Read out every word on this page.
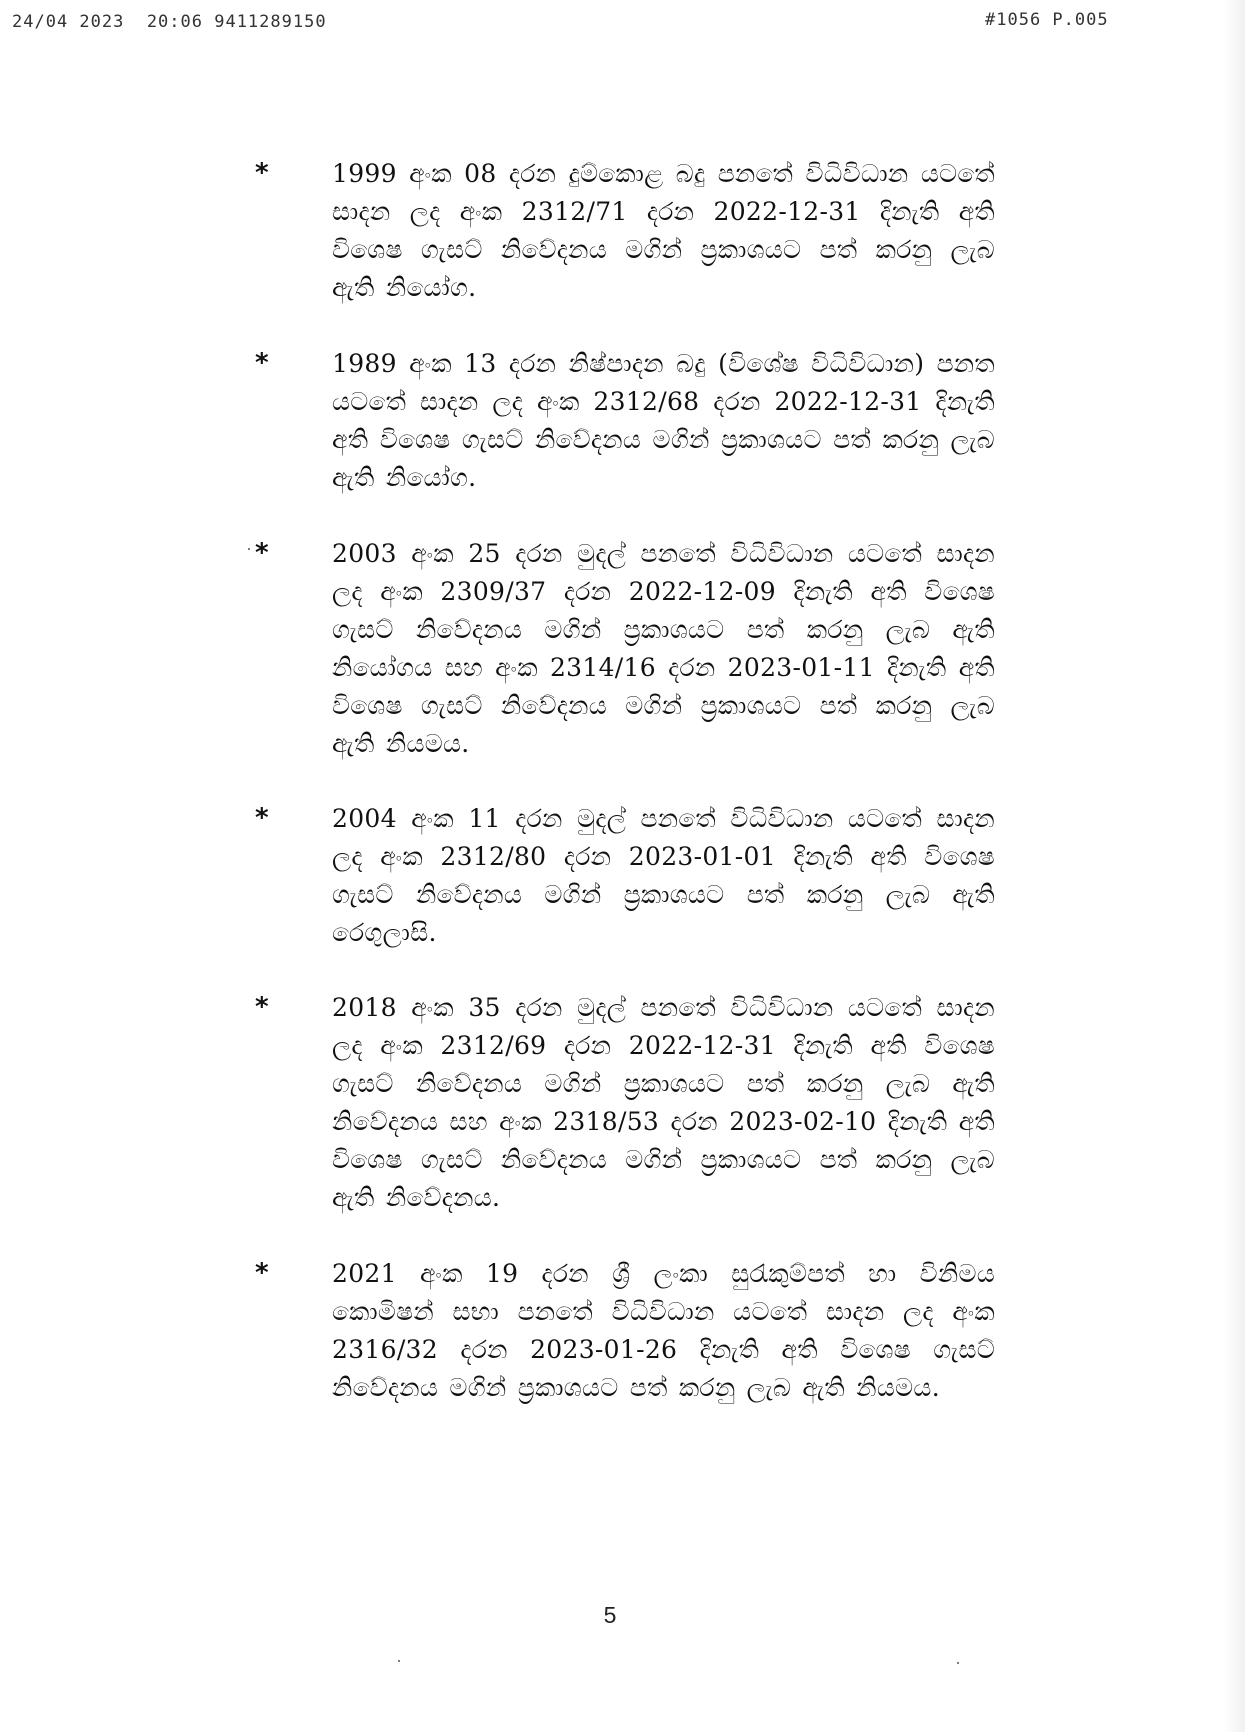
24/04 2023  20:06 9411289150	#1056 P.005
*	1999 අංක 08 දරන දුම්කොළ බදු පනතේ විධිවිධාන යටතේ සාදන ලද අංක 2312/71 දරන 2022-12-31 දිනැති අති විශෙෂ ගැසට් නිවේදනය මගින් ප්‍රකාශයට පත් කරනු ලැබ ඇති නියෝග.
*	1989 අංක 13 දරන නිෂ්පාදන බදු (විශේෂ විධිවිධාන) පනත යටතේ සාදන ලද අංක 2312/68 දරන 2022-12-31 දිනැති අති විශෙෂ ගැසට් නිවේදනය මගින් ප්‍රකාශයට පත් කරනු ලැබ ඇති නියෝග.
*	2003 අංක 25 දරන මුදල් පනතේ විධිවිධාන යටතේ සාදන ලද අංක 2309/37 දරන 2022-12-09 දිනැති අති විශෙෂ ගැසට් නිවේදනය මගින් ප්‍රකාශයට පත් කරනු ලැබ ඇති නියෝගය සහ අංක 2314/16 දරන 2023-01-11 දිනැති අති විශෙෂ ගැසට් නිවේදනය මගින් ප්‍රකාශයට පත් කරනු ලැබ ඇති නියමය.
*	2004 අංක 11 දරන මුදල් පනතේ විධිවිධාන යටතේ සාදන ලද අංක 2312/80 දරන 2023-01-01 දිනැති අති විශෙෂ ගැසට් නිවේදනය මගින් ප්‍රකාශයට පත් කරනු ලැබ ඇති රෙගුලාසි.
*	2018 අංක 35 දරන මුදල් පනතේ විධිවිධාන යටතේ සාදන ලද අංක 2312/69 දරන 2022-12-31 දිනැති අති විශෙෂ ගැසට් නිවේදනය මගින් ප්‍රකාශයට පත් කරනු ලැබ ඇති නිවේදනය සහ අංක 2318/53 දරන 2023-02-10 දිනැති අති විශෙෂ ගැසට් නිවේදනය මගින් ප්‍රකාශයට පත් කරනු ලැබ ඇති නිවේදනය.
*	2021 අංක 19 දරන ශ්‍රී ලංකා සුරැකුම්පත් හා විනිමය කොමිෂන් සභා පනතේ විධිවිධාන යටතේ සාදන ලද අංක 2316/32 දරන 2023-01-26 දිනැති අති විශෙෂ ගැසට් නිවේදනය මගින් ප්‍රකාශයට පත් කරනු ලැබ ඇති නියමය.
5
